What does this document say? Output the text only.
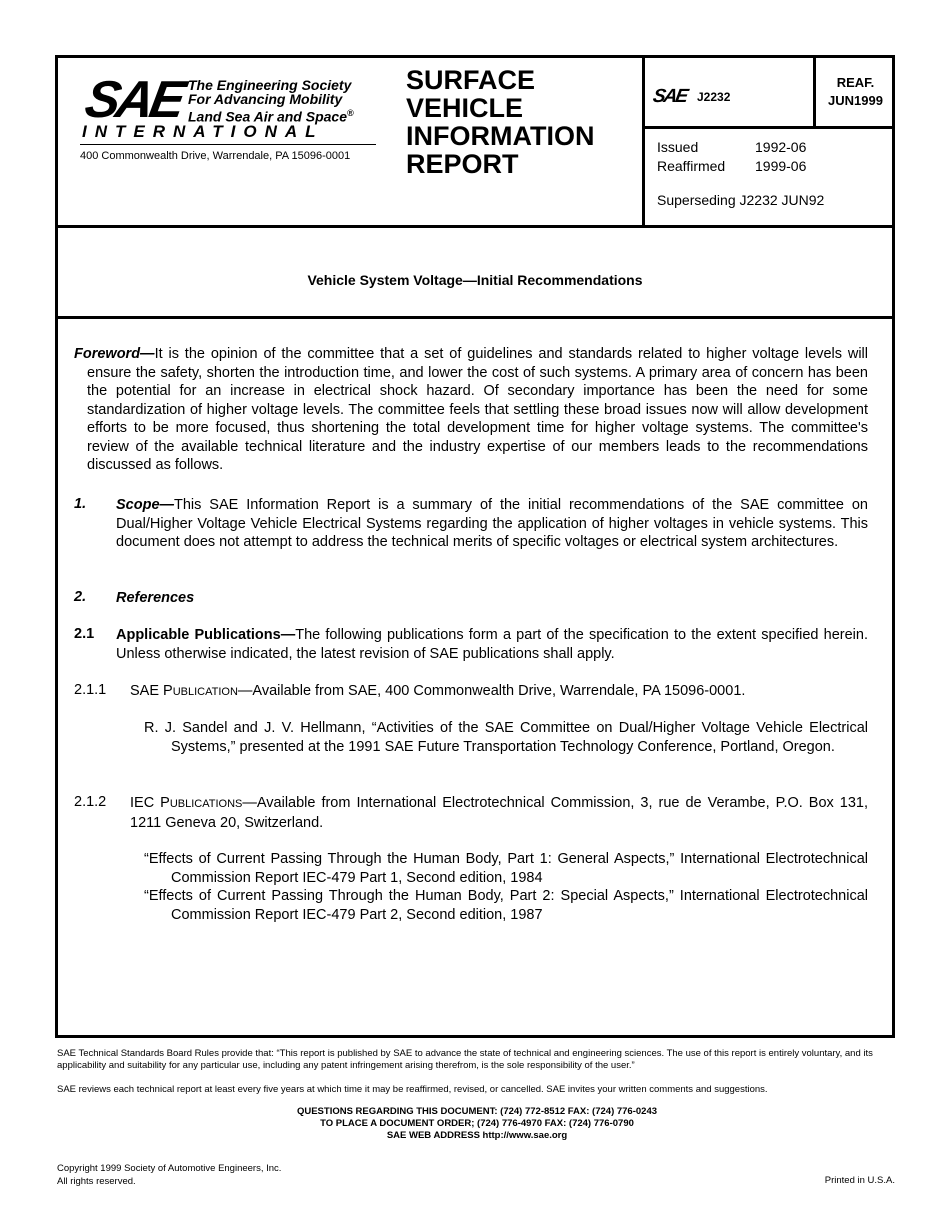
SAE The Engineering Society
For Advancing Mobility
Land Sea Air and Space®
INTERNATIONAL
400 Commonwealth Drive, Warrendale, PA 15096-0001
SURFACE
VEHICLE
INFORMATION
REPORT
SAE J2232
REAF.
JUN1999
Issued	1992-06
Reaffirmed 1999-06
Superseding J2232 JUN92
Vehicle System Voltage—Initial Recommendations

Foreword—It is the opinion of the committee that a set of guidelines and standards related to higher voltage levels will ensure the safety, shorten the introduction time, and lower the cost of such systems. A primary area of concern has been the potential for an increase in electrical shock hazard. Of secondary importance has been the need for some standardization of higher voltage levels. The committee feels that settling these broad issues now will allow development efforts to be more focused, thus shortening the total development time for higher voltage systems. The committee's review of the available technical literature and the industry expertise of our members leads to the recommendations discussed as follows.

1. Scope—This SAE Information Report is a summary of the initial recommendations of the SAE committee on Dual/Higher Voltage Vehicle Electrical Systems regarding the application of higher voltages in vehicle systems. This document does not attempt to address the technical merits of specific voltages or electrical system architectures.

2. References

2.1 Applicable Publications—The following publications form a part of the specification to the extent specified herein. Unless otherwise indicated, the latest revision of SAE publications shall apply.

2.1.1 SAE PUBLICATION—Available from SAE, 400 Commonwealth Drive, Warrendale, PA 15096-0001.

R. J. Sandel and J. V. Hellmann, “Activities of the SAE Committee on Dual/Higher Voltage Vehicle Electrical Systems,” presented at the 1991 SAE Future Transportation Technology Conference, Portland, Oregon.

2.1.2 IEC PUBLICATIONS—Available from International Electrotechnical Commission, 3, rue de Verambe, P.O. Box 131, 1211 Geneva 20, Switzerland.

“Effects of Current Passing Through the Human Body, Part 1: General Aspects,” International Electrotechnical Commission Report IEC-479 Part 1, Second edition, 1984

“Effects of Current Passing Through the Human Body, Part 2: Special Aspects,” International Electrotechnical Commission Report IEC-479 Part 2, Second edition, 1987

SAE Technical Standards Board Rules provide that: “This report is published by SAE to advance the state of technical and engineering sciences. The use of this report is entirely voluntary, and its applicability and suitability for any particular use, including any patent infringement arising therefrom, is the sole responsibility of the user.”
SAE reviews each technical report at least every five years at which time it may be reaffirmed, revised, or cancelled. SAE invites your written comments and suggestions.
QUESTIONS REGARDING THIS DOCUMENT: (724) 772-8512 FAX: (724) 776-0243
TO PLACE A DOCUMENT ORDER; (724) 776-4970 FAX: (724) 776-0790
SAE WEB ADDRESS http://www.sae.org
Copyright 1999 Society of Automotive Engineers, Inc.
All rights reserved.	Printed in U.S.A.
